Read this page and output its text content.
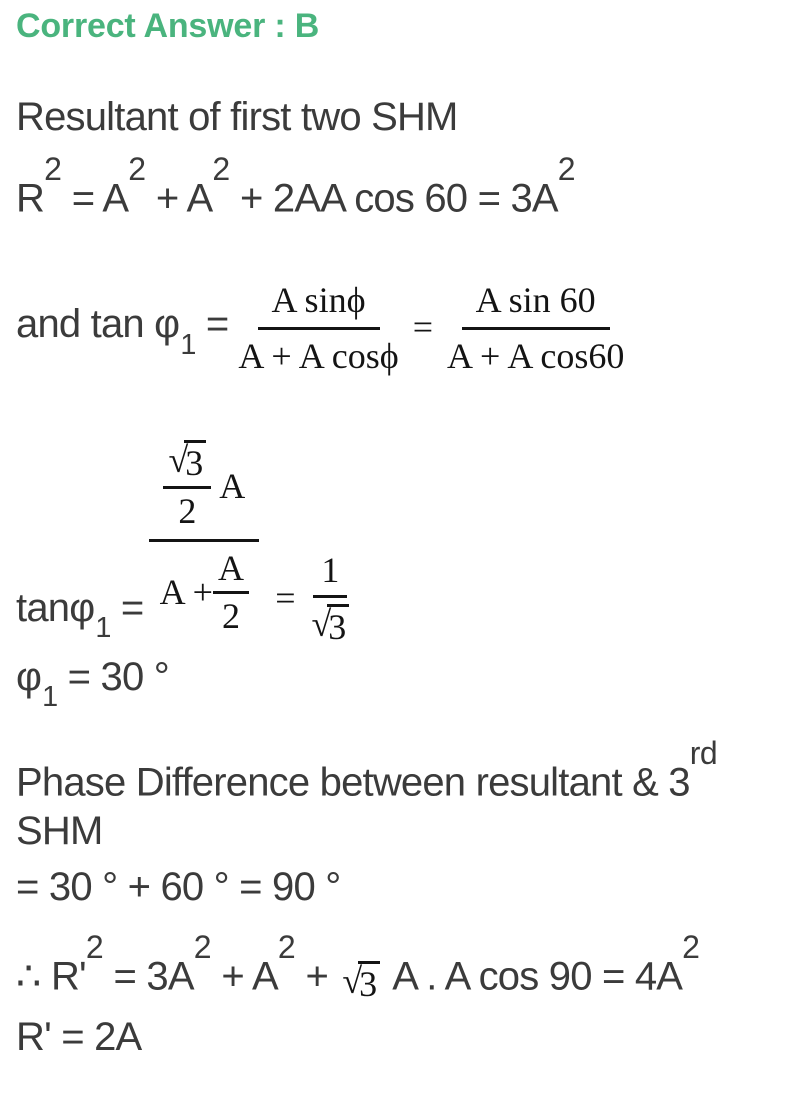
Correct Answer : B
Resultant of first two SHM
$R^2 = A^2 + A^2 + 2AA$ $\cos 60 = 3A^2$
and $\tan \varphi_1 = \frac{\text{A sinϕ}}{\text{A + A cosϕ}} = \frac{\text{A sin 60}}{\text{A + A cos60}}$
tanφ$_1$ = √
3
2 A
$A + \frac{A}{2} = 1$
√
3
$\varphi_1 = 30$ °
Phase Difference between resultant & 3rd
SHM
= 30 ° + 60 ° = 90 °
∴ $R'^2 = 3A^2 + A^2$ + √
3 A . A $\cos 90 = 4A^2$
R' = 2A
